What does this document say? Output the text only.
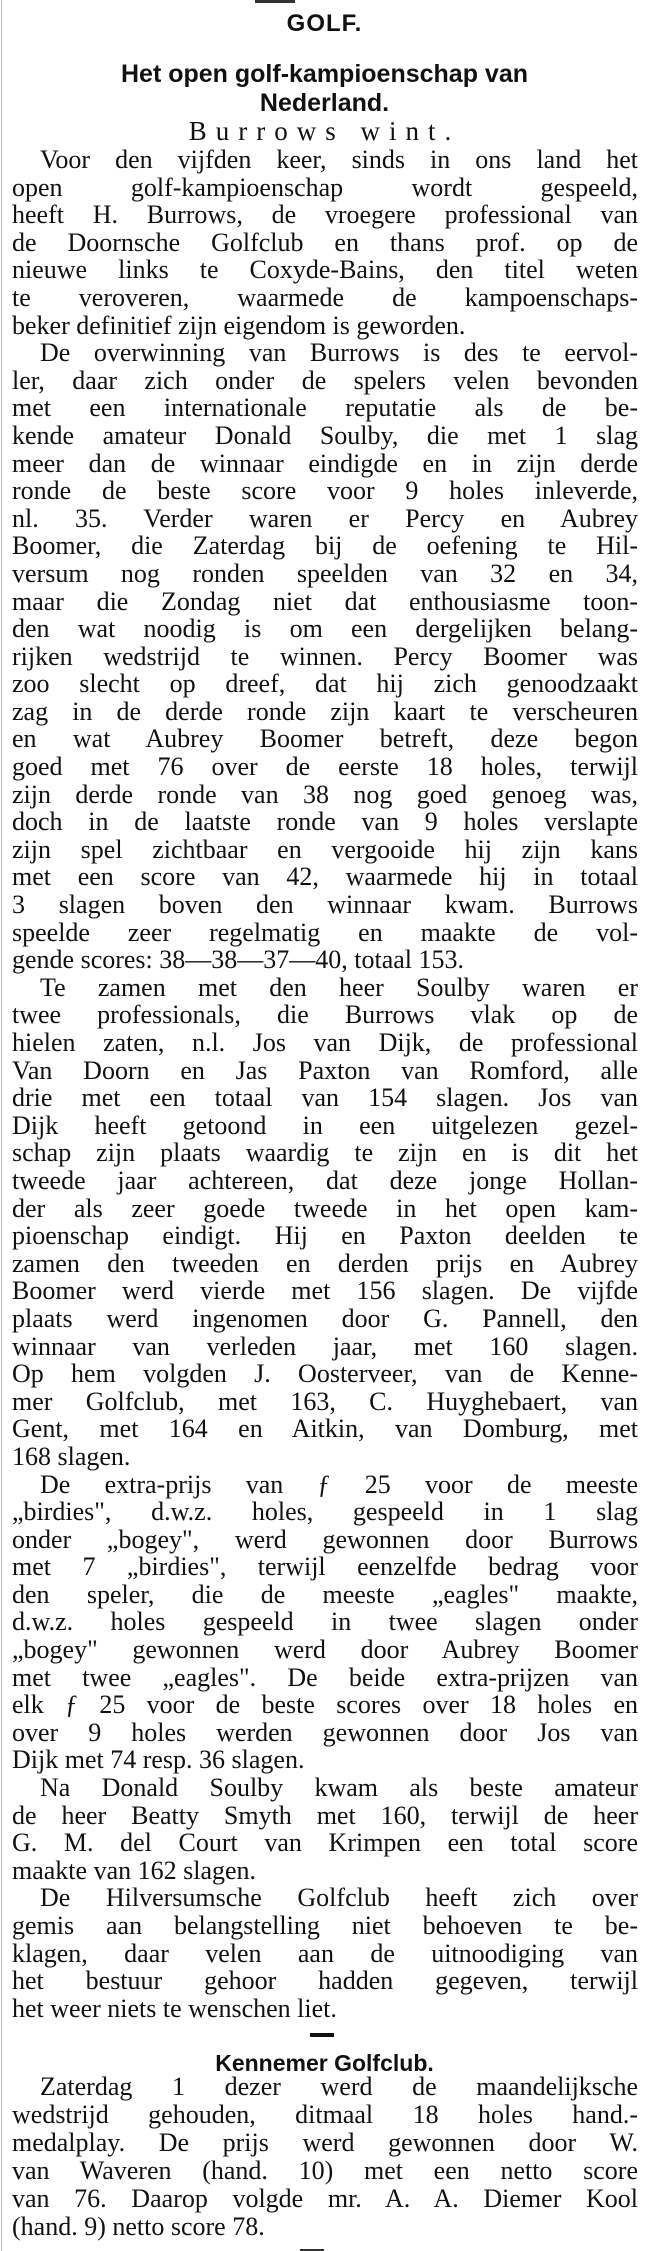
GOLF.
Het open golf-kampioenschap van
Nederland.
Burrows wint.
Voor den vijfden keer, sinds in ons land het
open golf-kampioenschap wordt gespeeld,
heeft H. Burrows, de vroegere professional van
de Doornsche Golfclub en thans prof. op de
nieuwe links te Coxyde-Bains, den titel weten
te veroveren, waarmede de kampoenschaps-
beker definitief zijn eigendom is geworden.
De overwinning van Burrows is des te eervol-
ler, daar zich onder de spelers velen bevonden
met een internationale reputatie als de be-
kende amateur Donald Soulby, die met 1 slag
meer dan de winnaar eindigde en in zijn derde
ronde de beste score voor 9 holes inleverde,
nl. 35. Verder waren er Percy en Aubrey
Boomer, die Zaterdag bij de oefening te Hil-
versum nog ronden speelden van 32 en 34,
maar die Zondag niet dat enthousiasme toon-
den wat noodig is om een dergelijken belang-
rijken wedstrijd te winnen. Percy Boomer was
zoo slecht op dreef, dat hij zich genoodzaakt
zag in de derde ronde zijn kaart te verscheuren
en wat Aubrey Boomer betreft, deze begon
goed met 76 over de eerste 18 holes, terwijl
zijn derde ronde van 38 nog goed genoeg was,
doch in de laatste ronde van 9 holes verslapte
zijn spel zichtbaar en vergooide hij zijn kans
met een score van 42, waarmede hij in totaal
3 slagen boven den winnaar kwam. Burrows
speelde zeer regelmatig en maakte de vol-
gende scores: 38—38—37—40, totaal 153.
Te zamen met den heer Soulby waren er
twee professionals, die Burrows vlak op de
hielen zaten, n.l. Jos van Dijk, de professional
Van Doorn en Jas Paxton van Romford, alle
drie met een totaal van 154 slagen. Jos van
Dijk heeft getoond in een uitgelezen gezel-
schap zijn plaats waardig te zijn en is dit het
tweede jaar achtereen, dat deze jonge Hollan-
der als zeer goede tweede in het open kam-
pioenschap eindigt. Hij en Paxton deelden te
zamen den tweeden en derden prijs en Aubrey
Boomer werd vierde met 156 slagen. De vijfde
plaats werd ingenomen door G. Pannell, den
winnaar van verleden jaar, met 160 slagen.
Op hem volgden J. Oosterveer, van de Kenne-
mer Golfclub, met 163, C. Huyghebaert, van
Gent, met 164 en Aitkin, van Domburg, met
168 slagen.
De extra-prijs van ƒ 25 voor de meeste
„birdies", d.w.z. holes, gespeeld in 1 slag
onder „bogey", werd gewonnen door Burrows
met 7 „birdies", terwijl eenzelfde bedrag voor
den speler, die de meeste „eagles" maakte,
d.w.z. holes gespeeld in twee slagen onder
„bogey" gewonnen werd door Aubrey Boomer
met twee „eagles". De beide extra-prijzen van
elk ƒ 25 voor de beste scores over 18 holes en
over 9 holes werden gewonnen door Jos van
Dijk met 74 resp. 36 slagen.
Na Donald Soulby kwam als beste amateur
de heer Beatty Smyth met 160, terwijl de heer
G. M. del Court van Krimpen een total score
maakte van 162 slagen.
De Hilversumsche Golfclub heeft zich over
gemis aan belangstelling niet behoeven te be-
klagen, daar velen aan de uitnoodiging van
het bestuur gehoor hadden gegeven, terwijl
het weer niets te wenschen liet.
Kennemer Golfclub.
Zaterdag 1 dezer werd de maandelijksche
wedstrijd gehouden, ditmaal 18 holes hand.-
medalplay. De prijs werd gewonnen door W.
van Waveren (hand. 10) met een netto score
van 76. Daarop volgde mr. A. A. Diemer Kool
(hand. 9) netto score 78.
